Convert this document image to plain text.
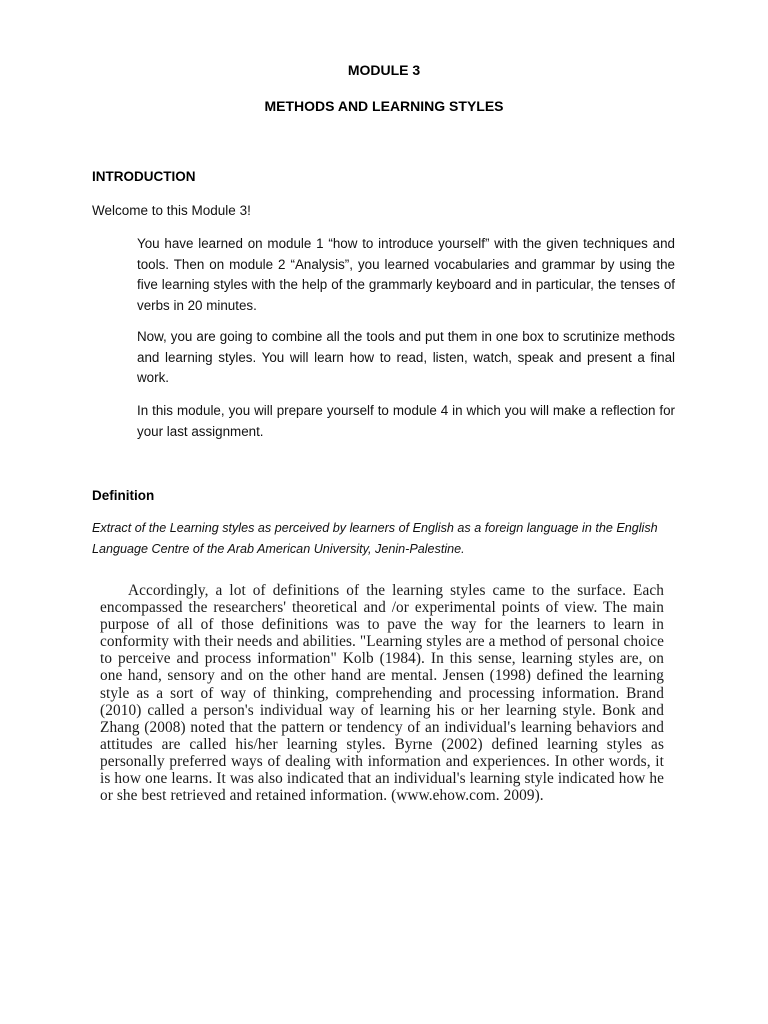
MODULE 3
METHODS AND LEARNING STYLES
INTRODUCTION
Welcome to this Module 3!

You have learned on module 1 “how to introduce yourself” with the given techniques and tools. Then on module 2 “Analysis”, you learned vocabularies and grammar by using the five learning styles with the help of the grammarly keyboard and in particular, the tenses of verbs in 20 minutes.

Now, you are going to combine all the tools and put them in one box to scrutinize methods and learning styles. You will learn how to read, listen, watch, speak and present a final work.

In this module, you will prepare yourself to module 4 in which you will make a reflection for your last assignment.

Definition

Extract of the Learning styles as perceived by learners of English as a foreign language in the English Language Centre of the Arab American University, Jenin-Palestine.

Accordingly, a lot of definitions of the learning styles came to the surface. Each encompassed the researchers' theoretical and /or experimental points of view. The main purpose of all of those definitions was to pave the way for the learners to learn in conformity with their needs and abilities. "Learning styles are a method of personal choice to perceive and process information" Kolb (1984). In this sense, learning styles are, on one hand, sensory and on the other hand are mental. Jensen (1998) defined the learning style as a sort of way of thinking, comprehending and processing information. Brand (2010) called a person's individual way of learning his or her learning style. Bonk and Zhang (2008) noted that the pattern or tendency of an individual's learning behaviors and attitudes are called his/her learning styles. Byrne (2002) defined learning styles as personally preferred ways of dealing with information and experiences. In other words, it is how one learns. It was also indicated that an individual's learning style indicated how he or she best retrieved and retained information. (www.ehow.com. 2009).
